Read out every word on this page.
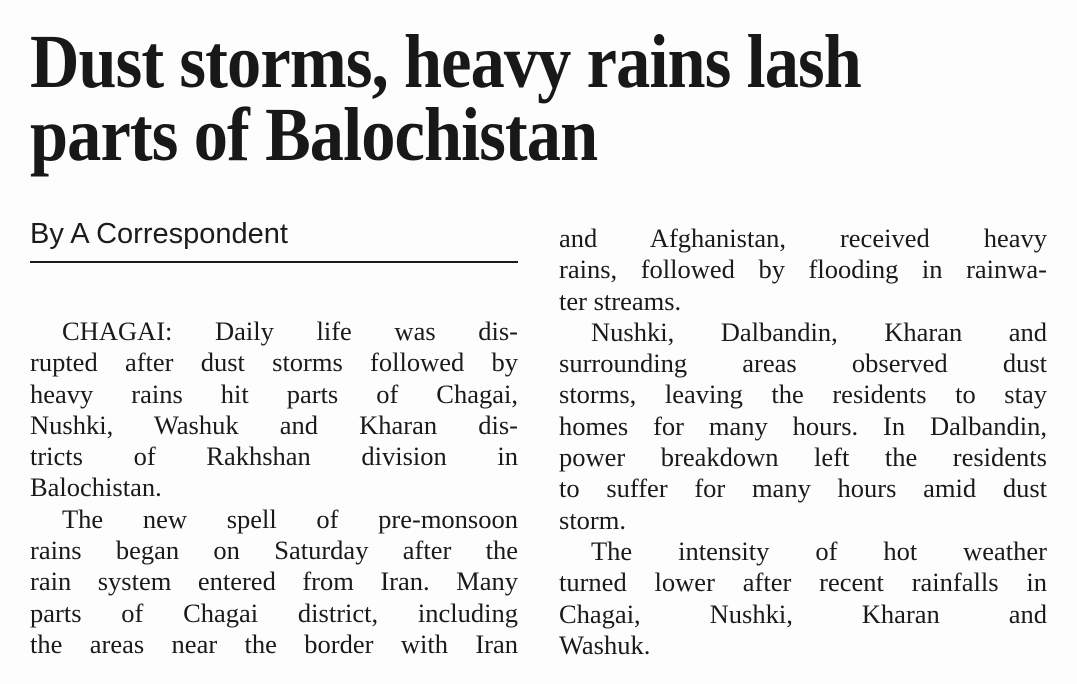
Dust storms, heavy rains lash
parts of Balochistan
By A Correspondent
CHAGAI: Daily life was dis-
rupted after dust storms followed by
heavy rains hit parts of Chagai,
Nushki, Washuk and Kharan dis-
tricts of Rakhshan division in
Balochistan.
The new spell of pre-monsoon
rains began on Saturday after the
rain system entered from Iran. Many
parts of Chagai district, including
the areas near the border with Iran
and Afghanistan, received heavy
rains, followed by flooding in rainwa-
ter streams.
Nushki, Dalbandin, Kharan and
surrounding areas observed dust
storms, leaving the residents to stay
homes for many hours. In Dalbandin,
power breakdown left the residents
to suffer for many hours amid dust
storm.
The intensity of hot weather
turned lower after recent rainfalls in
Chagai, Nushki, Kharan and
Washuk.
